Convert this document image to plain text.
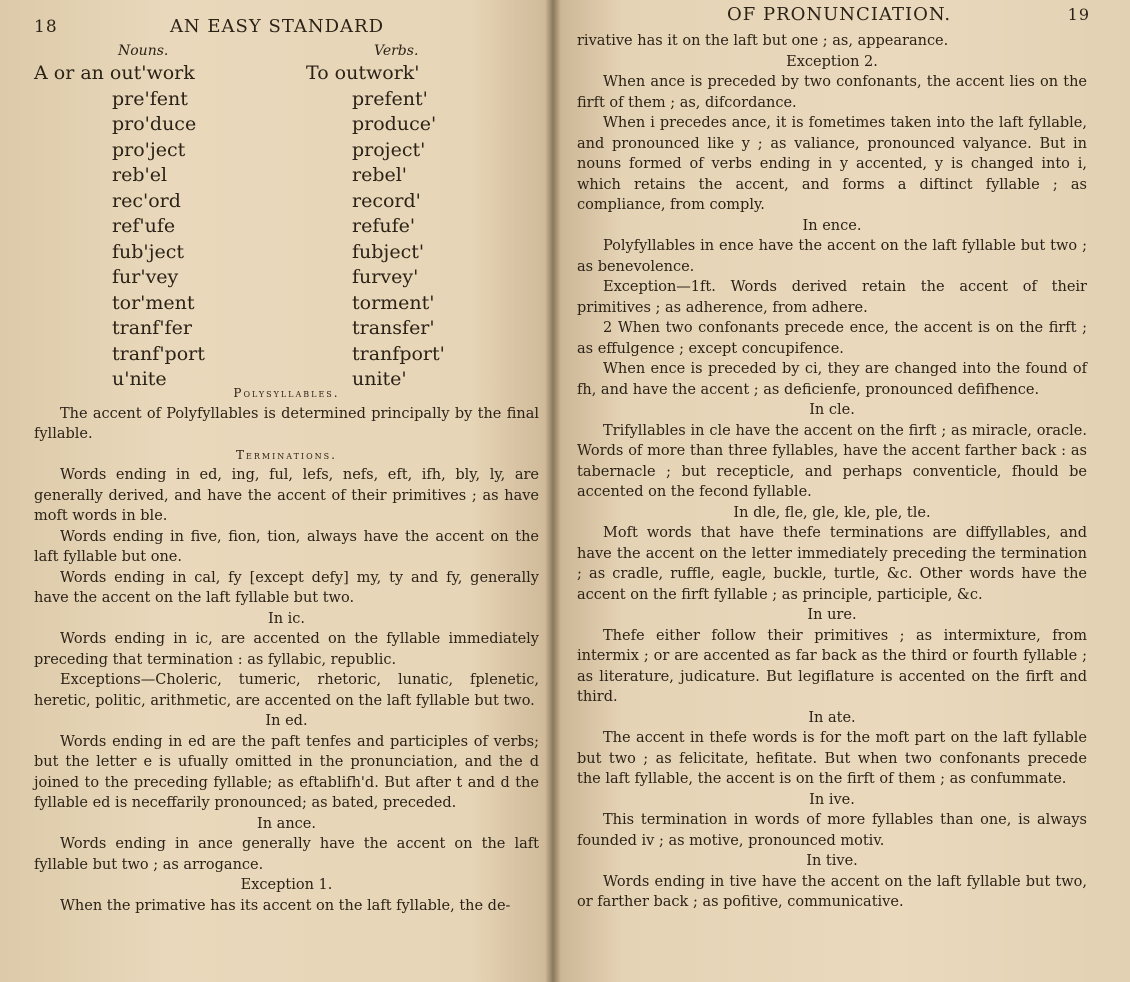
18	AN EASY STANDARD
Nouns.
A or an out'work
pre'fent
pro'duce
pro'ject
reb'el
rec'ord
ref'ufe
fub'ject
fur'vey
tor'ment
tranf'fer
tranf'port
u'nite
Verbs.
To outwork'
prefent'
produce'
project'
rebel'
record'
refufe'
fubject'
furvey'
torment'
transfer'
tranfport'
unite'
Polysyllables.

The accent of Polyfyllables is determined principally by the final fyllable.

Terminations.

Words ending in ed, ing, ful, lefs, nefs, eft, ifh, bly, ly, are generally derived, and have the accent of their primitives ; as have moft words in ble.

Words ending in five, fion, tion, always have the accent on the laft fyllable but one.

Words ending in cal, fy [except defy] my, ty and fy, generally have the accent on the laft fyllable but two.

In ic.

Words ending in ic, are accented on the fyllable immediately preceding that termination : as fyllabic, republic.

Exceptions—Choleric, tumeric, rhetoric, lunatic, fplenetic, heretic, politic, arithmetic, are accented on the laft fyllable but two.

In ed.

Words ending in ed are the paft tenfes and participles of verbs; but the letter e is ufually omitted in the pronunciation, and the d joined to the preceding fyllable; as eftablifh'd. But after t and d the fyllable ed is neceffarily pronounced; as bated, preceded.

In ance.

Words ending in ance generally have the accent on the laft fyllable but two ; as arrogance.

Exception 1.

When the primative has its accent on the laft fyllable, the de-

OF PRONUNCIATION.	19

rivative has it on the laft but one ; as, appearance.

Exception 2.

When ance is preceded by two confonants, the accent lies on the firft of them ; as, difcordance.

When i precedes ance, it is fometimes taken into the laft fyllable, and pronounced like y ; as valiance, pronounced valyance. But in nouns formed of verbs ending in y accented, y is changed into i, which retains the accent, and forms a diftinct fyllable ; as compliance, from comply.

In ence.

Polyfyllables in ence have the accent on the laft fyllable but two ; as benevolence.

Exception—1ft. Words derived retain the accent of their primitives ; as adherence, from adhere.

2 When two confonants precede ence, the accent is on the firft ; as effulgence ; except concupifence.

When ence is preceded by ci, they are changed into the found of fh, and have the accent ; as deficienfe, pronounced defifhence.

In cle.

Trifyllables in cle have the accent on the firft ; as miracle, oracle. Words of more than three fyllables, have the accent farther back : as tabernacle ; but recepticle, and perhaps conventicle, fhould be accented on the fecond fyllable.

In dle, fle, gle, kle, ple, tle.

Moft words that have thefe terminations are diffyllables, and have the accent on the letter immediately preceding the termination ; as cradle, ruffle, eagle, buckle, turtle, &c. Other words have the accent on the firft fyllable ; as principle, participle, &c.

In ure.

Thefe either follow their primitives ; as intermixture, from intermix ; or are accented as far back as the third or fourth fyllable ; as literature, judicature. But legiflature is accented on the firft and third.

In ate.

The accent in thefe words is for the moft part on the laft fyllable but two ; as felicitate, hefitate. But when two confonants precede the laft fyllable, the accent is on the firft of them ; as confummate.

In ive.

This termination in words of more fyllables than one, is always founded iv ; as motive, pronounced motiv.

In tive.

Words ending in tive have the accent on the laft fyllable but two, or farther back ; as pofitive, communicative.
